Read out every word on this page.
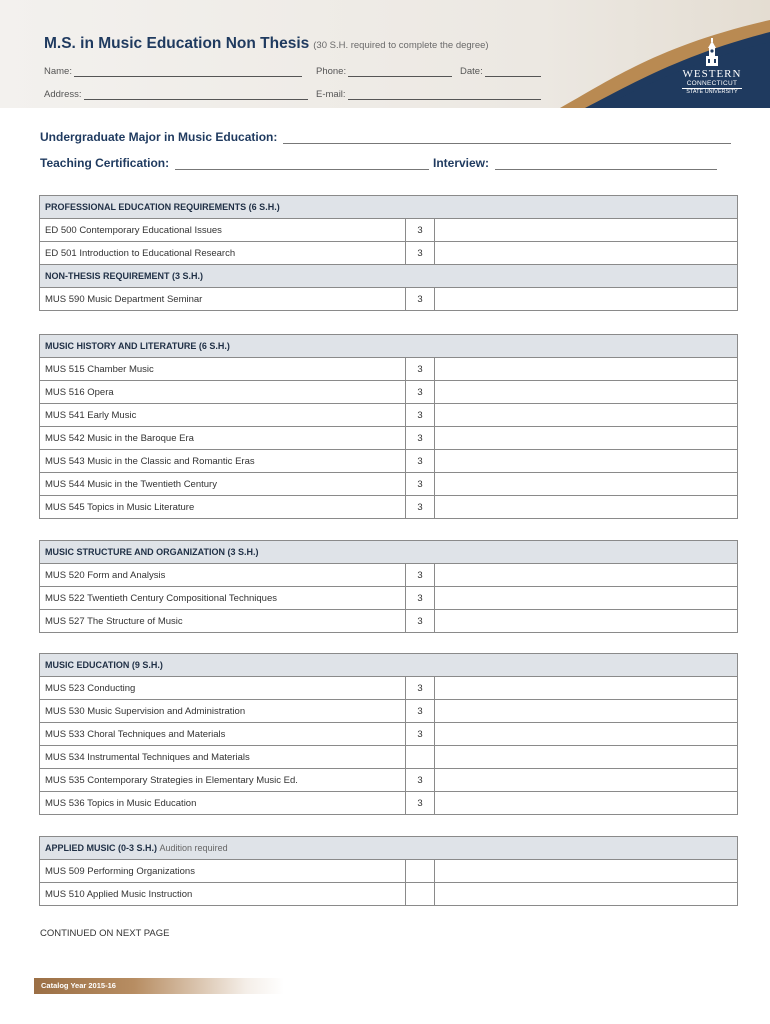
M.S. in Music Education Non Thesis (30 S.H. required to complete the degree)
Name:	Phone:	Date:
Address:	E-mail:
WESTERN
CONNECTICUT
STATE UNIVERSITY
Undergraduate Major in Music Education:
Teaching Certification:	Interview:
PROFESSIONAL EDUCATION REQUIREMENTS (6 S.H.)		
ED 500 Contemporary Educational Issues	3	
ED 501 Introduction to Educational Research	3	
NON-THESIS REQUIREMENT (3 S.H.)		
MUS 590 Music Department Seminar	3	
MUSIC HISTORY AND LITERATURE (6 S.H.)		
MUS 515 Chamber Music	3	
MUS 516 Opera	3	
MUS 541 Early Music	3	
MUS 542 Music in the Baroque Era	3	
MUS 543 Music in the Classic and Romantic Eras	3	
MUS 544 Music in the Twentieth Century	3	
MUS 545 Topics in Music Literature	3	
MUSIC STRUCTURE AND ORGANIZATION (3 S.H.)		
MUS 520 Form and Analysis	3	
MUS 522 Twentieth Century Compositional Techniques	3	
MUS 527 The Structure of Music	3	
MUSIC EDUCATION (9 S.H.)		
MUS 523 Conducting	3	
MUS 530 Music Supervision and Administration	3	
MUS 533 Choral Techniques and Materials	3	
MUS 534 Instrumental Techniques and Materials		
MUS 535 Contemporary Strategies in Elementary Music Ed.	3	
MUS 536 Topics in Music Education	3	
APPLIED MUSIC (0-3 S.H.) Audition required		
MUS 509 Performing Organizations		
MUS 510 Applied Music Instruction		
CONTINUED ON NEXT PAGE
Catalog Year 2015-16
